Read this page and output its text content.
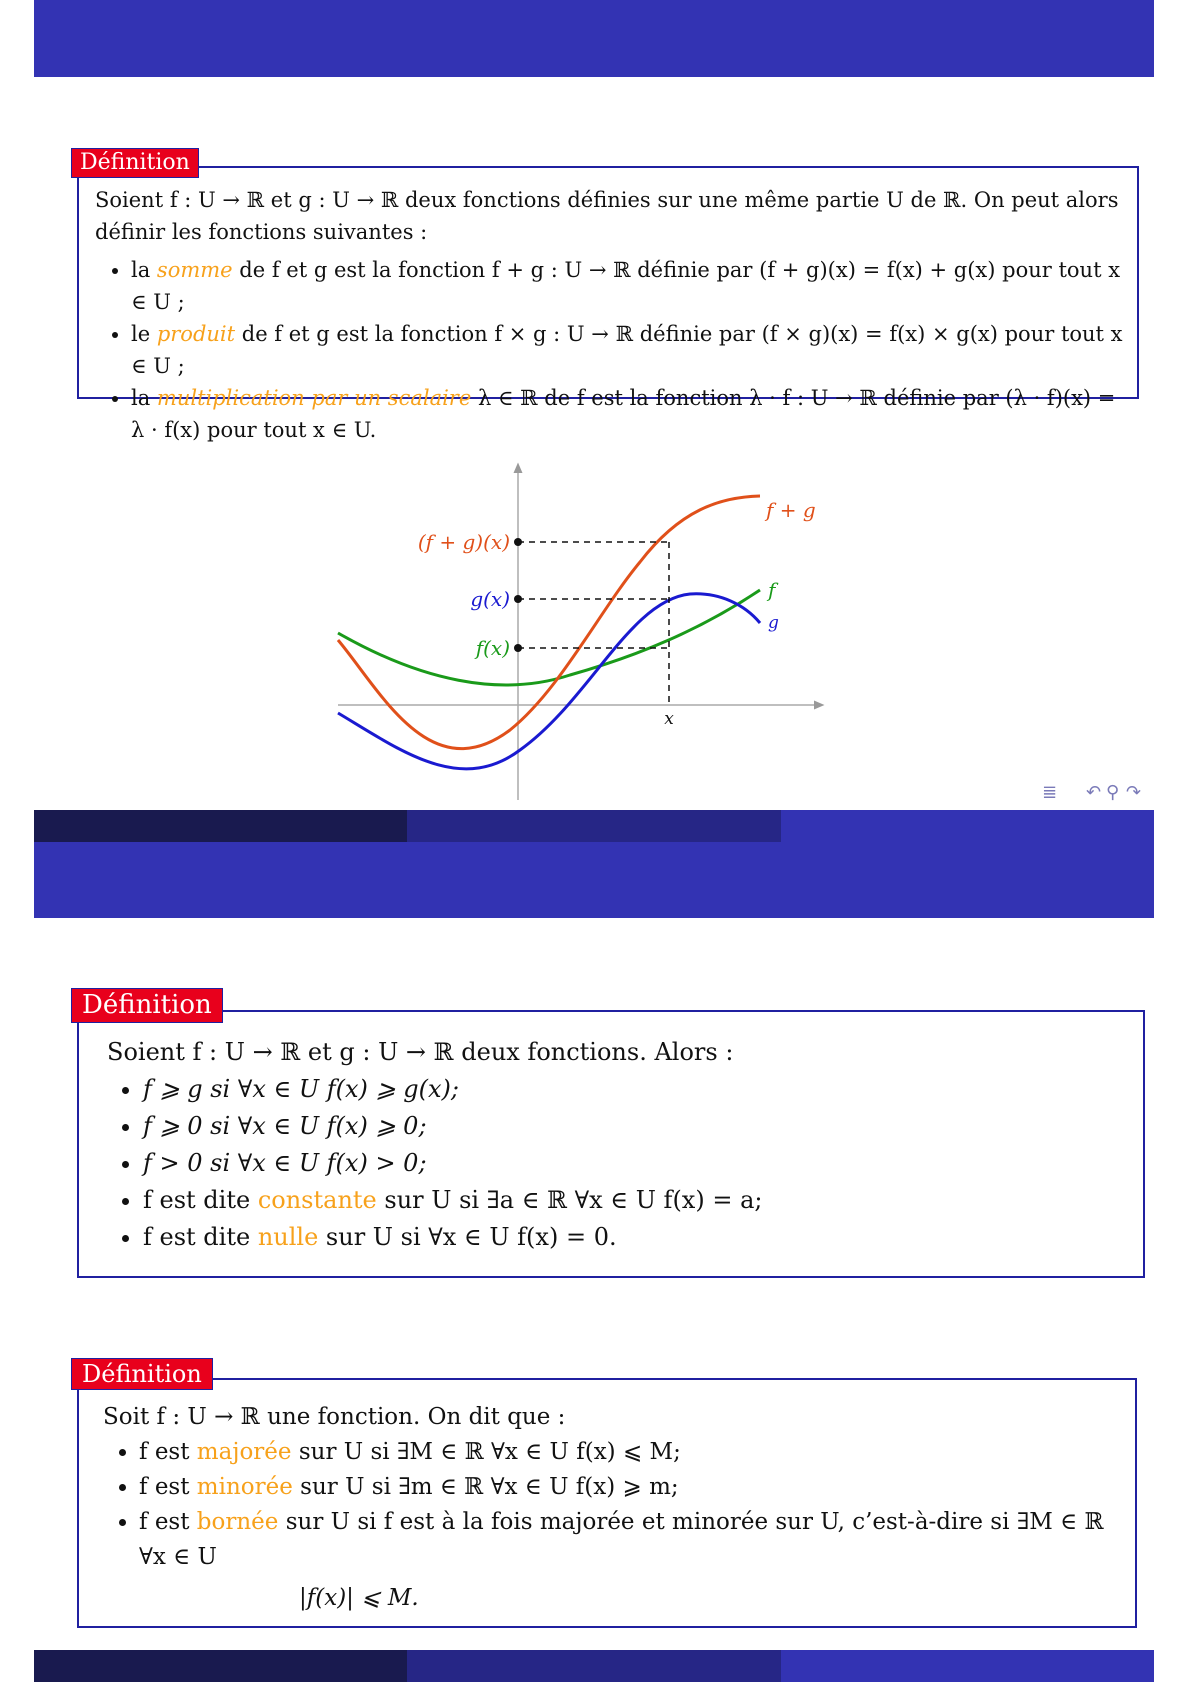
Soient f : U → ℝ et g : U → ℝ deux fonctions définies sur une même partie U de ℝ. On peut alors définir les fonctions suivantes :

• la somme de f et g est la fonction f + g : U → ℝ définie par (f + g)(x) = f(x) + g(x) pour tout x ∈ U ;
• le produit de f et g est la fonction f × g : U → ℝ définie par (f × g)(x) = f(x) × g(x) pour tout x ∈ U ;
• la multiplication par un scalaire λ ∈ ℝ de f est la fonction λ · f : U → ℝ définie par (λ · f)(x) = λ · f(x) pour tout x ∈ U.
Définition
(f + g)(x)
g(x)
f(x)
x
f + g
f
g
≣ ↶ ⚲ ↷

Soient f : U → ℝ et g : U → ℝ deux fonctions. Alors :

• f ⩾ g si ∀x ∈ U f(x) ⩾ g(x);
• f ⩾ 0 si ∀x ∈ U f(x) ⩾ 0;
• f > 0 si ∀x ∈ U f(x) > 0;
• f est dite constante sur U si ∃a ∈ ℝ ∀x ∈ U f(x) = a;
• f est dite nulle sur U si ∀x ∈ U f(x) = 0.
Définition

Soit f : U → ℝ une fonction. On dit que :

• f est majorée sur U si ∃M ∈ ℝ ∀x ∈ U f(x) ⩽ M;
• f est minorée sur U si ∃m ∈ ℝ ∀x ∈ U f(x) ⩾ m;
• f est bornée sur U si f est à la fois majorée et minorée sur U, c’est-à-dire si ∃M ∈ ℝ ∀x ∈ U

|f(x)| ⩽ M.

Définition
